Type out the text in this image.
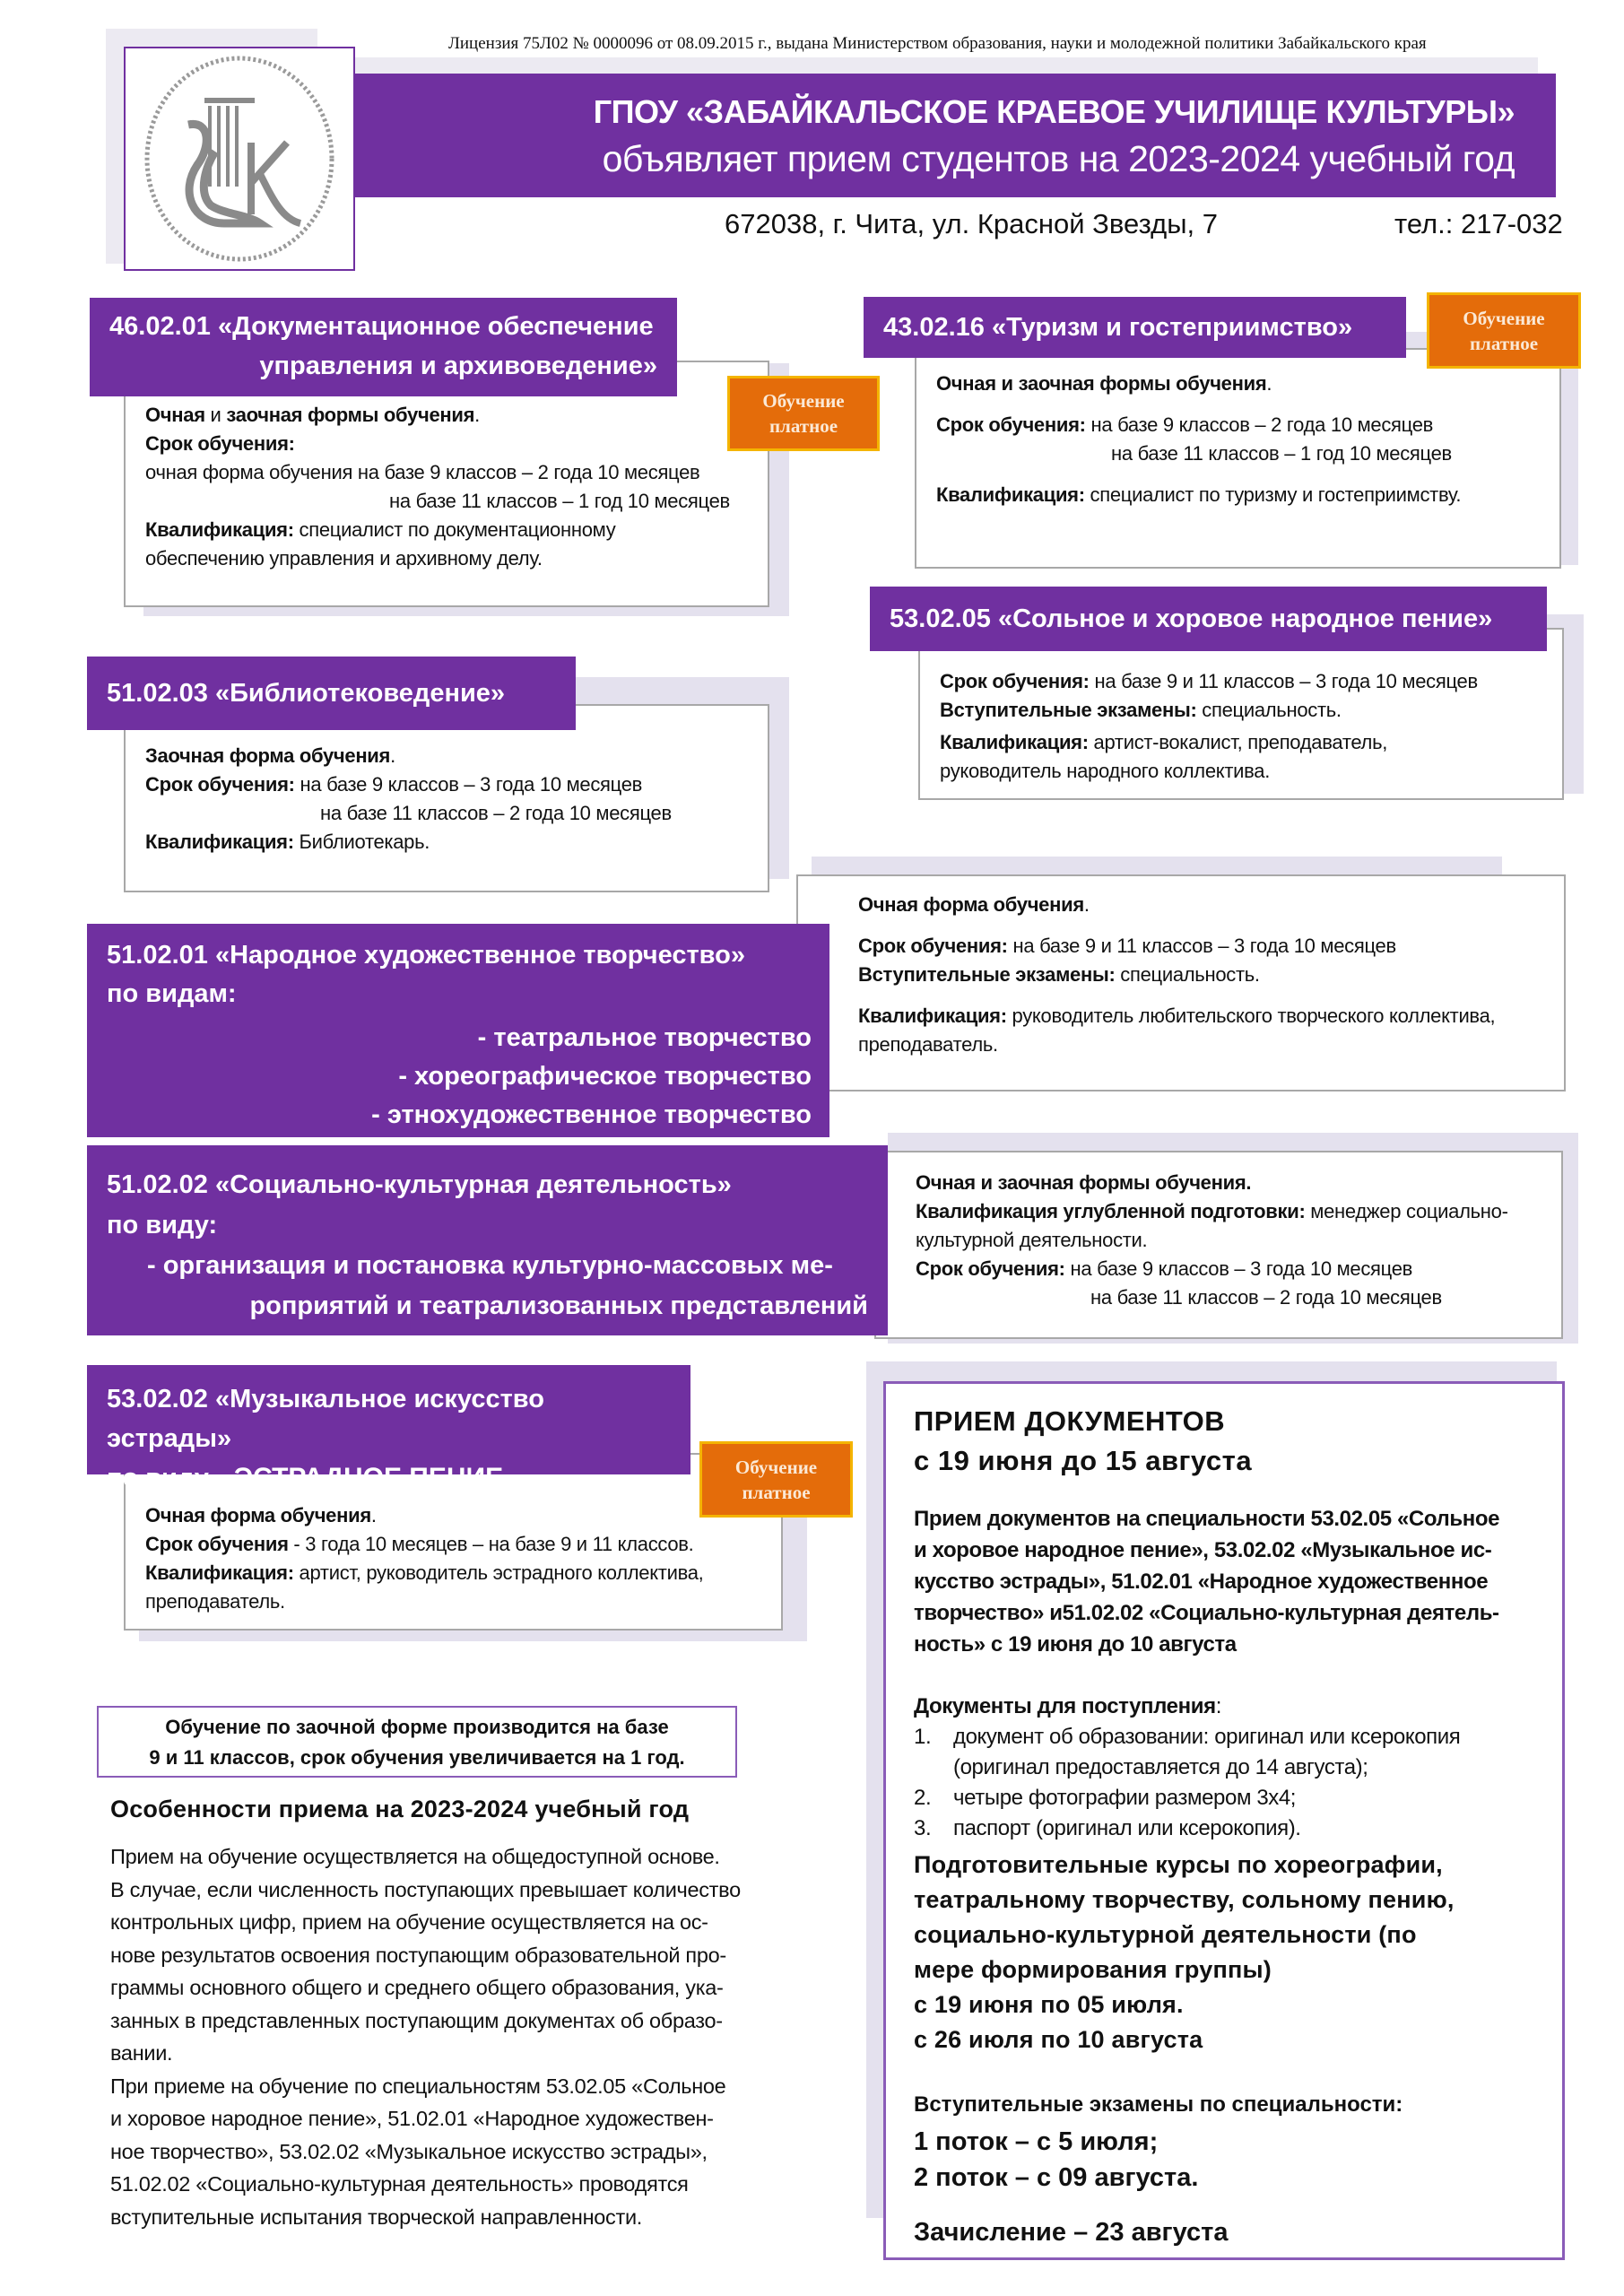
Лицензия 75Л02 № 0000096 от 08.09.2015 г., выдана Министерством образования, науки и молодежной политики Забайкальского края
ГПОУ «ЗАБАЙКАЛЬСКОЕ КРАЕВОЕ УЧИЛИЩЕ КУЛЬТУРЫ»
объявляет прием студентов на 2023-2024 учебный год
672038, г. Чита, ул. Красной Звезды, 7	тел.: 217-032
Очная и заочная формы обучения.
Срок обучения:
очная форма обучения на базе 9 классов – 2 года 10 месяцев
на базе 11 классов – 1 год 10 месяцев
Квалификация: специалист по документационному
обеспечению управления и архивному делу.
46.02.01 «Документационное обеспечение
управления и архивоведение»
Обучение
платное
Очная и заочная формы обучения.
Срок обучения: на базе 9 классов – 2 года 10 месяцев
на базе 11 классов – 1 год 10 месяцев
Квалификация: специалист по туризму и гостеприимству.
43.02.16 «Туризм и гостеприимство»	Обучение
платное
Срок обучения: на базе 9 и 11 классов – 3 года 10 месяцев
Вступительные экзамены: специальность.
Квалификация: артист-вокалист, преподаватель,
руководитель народного коллектива.
53.02.05 «Сольное и хоровое народное пение»
Заочная форма обучения.
Срок обучения: на базе 9 классов – 3 года 10 месяцев
на базе 11 классов – 2 года 10 месяцев
Квалификация: Библиотекарь.
51.02.03 «Библиотековедение»
Очная форма обучения.
Срок обучения: на базе 9 и 11 классов – 3 года 10 месяцев
Вступительные экзамены: специальность.
Квалификация: руководитель любительского творческого коллектива,
преподаватель.
51.02.01 «Народное художественное творчество»
по видам:
- театральное творчество
- хореографическое творчество
- этнохудожественное творчество
Очная и заочная формы обучения.
Квалификация углубленной подготовки: менеджер социально-
культурной деятельности.
Срок обучения: на базе 9 классов – 3 года 10 месяцев
на базе 11 классов – 2 года 10 месяцев
51.02.02 «Социально-культурная деятельность»
по виду:
- организация и постановка культурно-массовых ме-
роприятий и театрализованных представлений
Очная форма обучения.
Срок обучения - 3 года 10 месяцев – на базе 9 и 11 классов.
Квалификация: артист, руководитель эстрадного коллектива,
преподаватель.
53.02.02 «Музыкальное искусство эстрады»
по виду ЭСТРАДНОЕ ПЕНИЕ	Обучение
платное
Обучение по заочной форме производится на базе
9 и 11 классов, срок обучения увеличивается на 1 год.
Особенности приема на 2023-2024 учебный год
Прием на обучение осуществляется на общедоступной основе.
В случае, если численность поступающих превышает количество
контрольных цифр, прием на обучение осуществляется на ос-
нове результатов освоения поступающим образовательной про-
граммы основного общего и среднего общего образования, ука-
занных в представленных поступающим документах об образо-
вании.
При приеме на обучение по специальностям 53.02.05 «Сольное
и хоровое народное пение», 51.02.01 «Народное художествен-
ное творчество», 53.02.02 «Музыкальное искусство эстрады»,
51.02.02 «Социально-культурная деятельность» проводятся
вступительные испытания творческой направленности.
ПРИЕМ ДОКУМЕНТОВ
с 19 июня до 15 августа
Прием документов на специальности 53.02.05 «Сольное
и хоровое народное пение», 53.02.02 «Музыкальное ис-
кусство эстрады», 51.02.01 «Народное художественное
творчество» и51.02.02 «Социально-культурная деятель-
ность» с 19 июня до 10 августа
Документы для поступления:
1.	документ об образовании: оригинал или ксерокопия
(оригинал предоставляется до 14 августа);
2.	четыре фотографии размером 3х4;
3.	паспорт (оригинал или ксерокопия).
Подготовительные курсы по хореографии,
театральному творчеству, сольному пению,
социально-культурной деятельности (по
мере формирования группы)
с 19 июня по 05 июля.
с 26 июля по 10 августа
Вступительные экзамены по специальности:
1 поток – с 5 июля;
2 поток – с 09 августа.
Зачисление – 23 августа
